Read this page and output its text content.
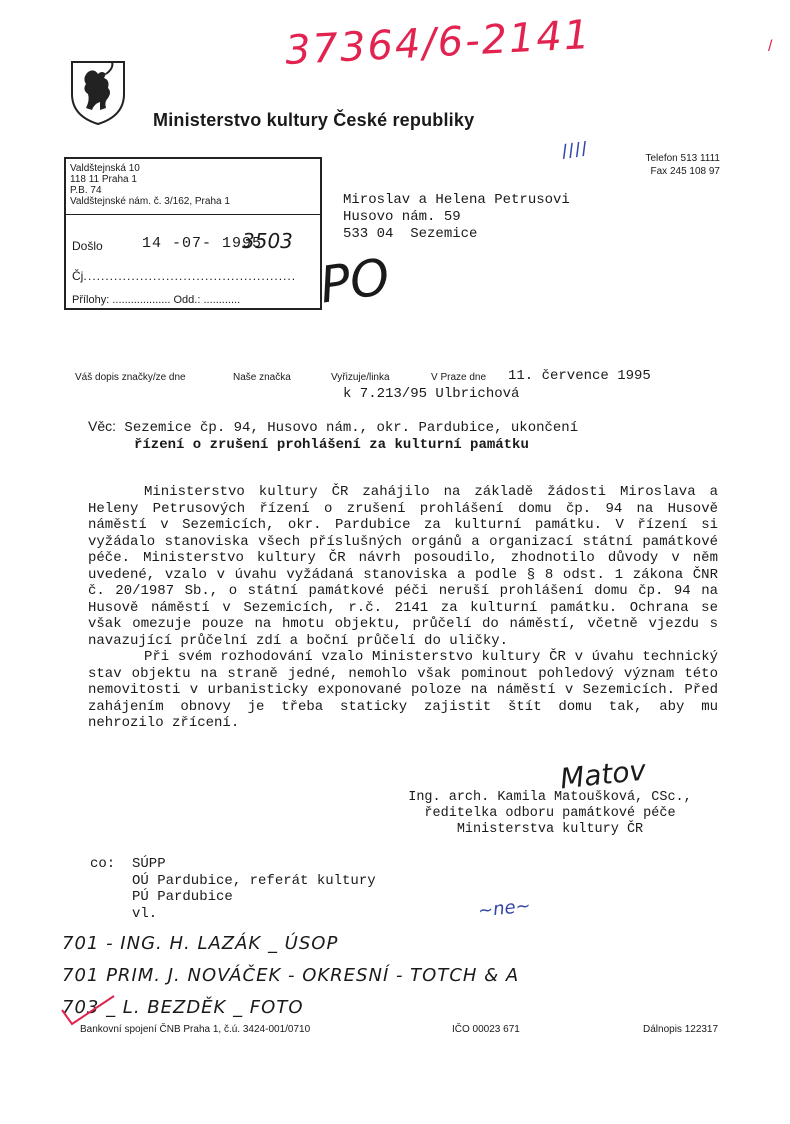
37364/6-2141	/
Ministerstvo kultury České republiky
////	Telefon 513 1111
Fax 245 108 97
Valdštejnská 10
118 11 Praha 1
P.B. 74
Valdštejnské nám. č. 3/162, Praha 1
Došlo	14 -07- 1995
3503
Čj. ................................................
Přílohy: ................... Odd.: ............ PO
Miroslav a Helena Petrusovi
Husovo nám. 59
533 04  Sezemice
Váš dopis značky/ze dne	Naše značka	Vyřizuje/linka	V Praze dne 11. července 1995
k 7.213/95 Ulbrichová
Věc: Sezemice čp. 94, Husovo nám., okr. Pardubice, ukončení
řízení o zrušení prohlášení za kulturní památku

Ministerstvo kultury ČR zahájilo na základě žádosti Miroslava a Heleny Petrusových řízení o zrušení prohlášení domu čp. 94 na Husově náměstí v Sezemicích, okr. Pardubice za kulturní památku. V řízení si vyžádalo stanoviska všech příslušných orgánů a organizací státní památkové péče. Ministerstvo kultury ČR návrh posoudilo, zhodnotilo důvody v něm uvedené, vzalo v úvahu vyžádaná stanoviska a podle § 8 odst. 1 zákona ČNR č. 20/1987 Sb., o státní památkové péči neruší prohlášení domu čp. 94 na Husově náměstí v Sezemicích, r.č. 2141 za kulturní památku. Ochrana se však omezuje pouze na hmotu objektu, průčelí do náměstí, včetně vjezdu s navazující průčelní zdí a boční průčelí do uličky.

Při svém rozhodování vzalo Ministerstvo kultury ČR v úvahu technický stav objektu na straně jedné, nemohlo však pominout pohledový význam této nemovitosti v urbanisticky exponované poloze na náměstí v Sezemicích. Před zahájením obnovy je třeba staticky zajistit štít domu tak, aby mu nehrozilo zřícení.

Matov
Ing. arch. Kamila Matoušková, CSc.,
ředitelka odboru památkové péče
Ministerstva kultury ČR
co:	SÚPP
OÚ Pardubice, referát kultury
PÚ Pardubice
vl.	~ne~
701 - ING. H. LAZÁK _ ÚSOP
701 PRIM. J. NOVÁČEK - OKRESNÍ - TOTCH & A
703 _ L. BEZDĚK _ FOTO
Bankovní spojení ČNB Praha 1, č.ú. 3424-001/0710	IČO 00023 671	Dálnopis 122317
